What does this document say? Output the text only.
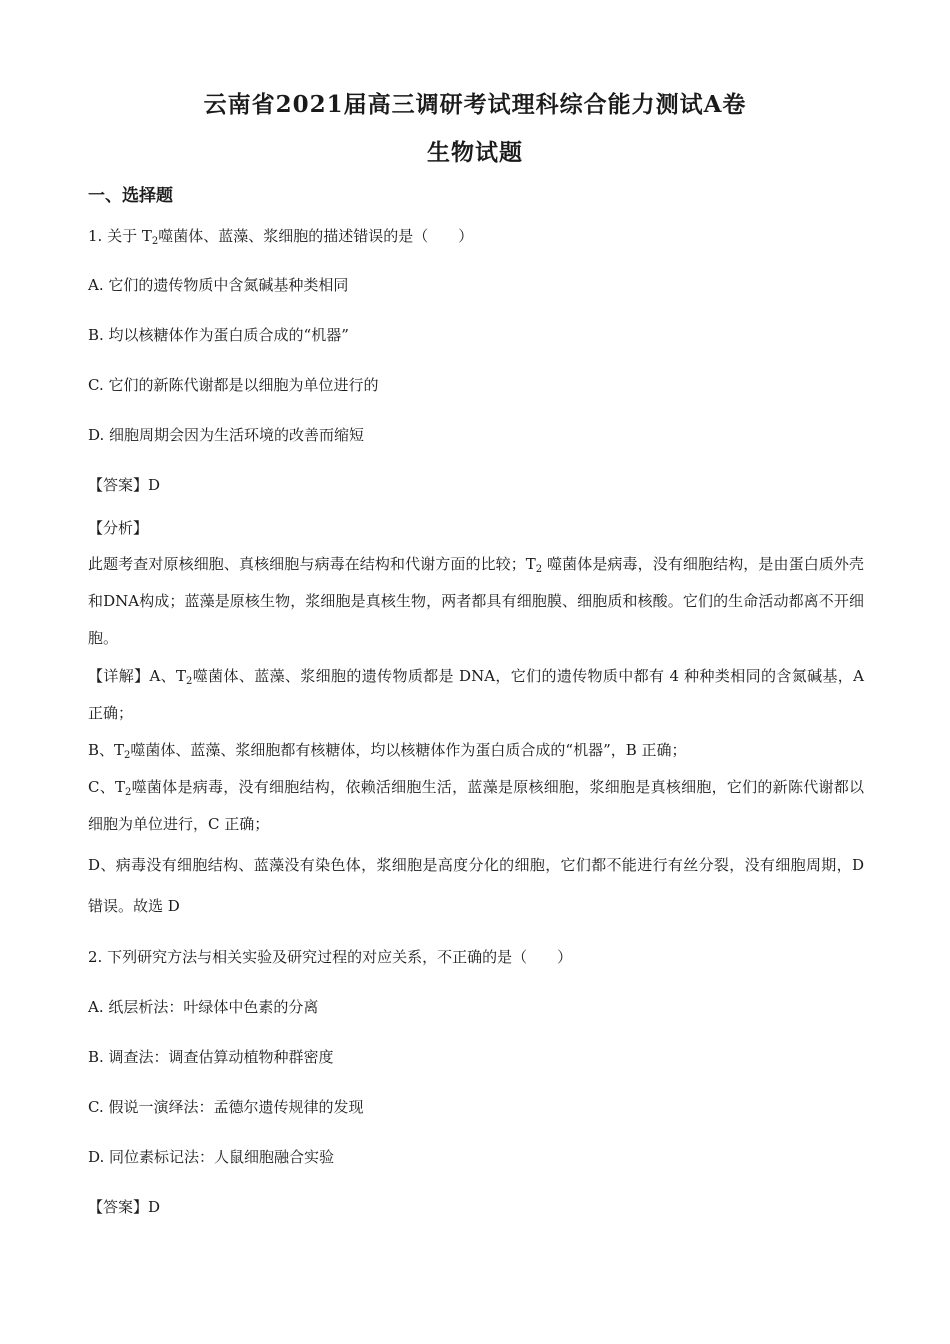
云南省2021届高三调研考试理科综合能力测试A卷
生物试题
一、选择题
1. 关于 $T_2$噬菌体、蓝藻、浆细胞的描述错误的是（　　）
A. 它们的遗传物质中含氮碱基种类相同
B. 均以核糖体作为蛋白质合成的“机器”
C. 它们的新陈代谢都是以细胞为单位进行的
D. 细胞周期会因为生活环境的改善而缩短
【答案】D
【分析】
此题考查对原核细胞、真核细胞与病毒在结构和代谢方面的比较；$T_2$ 噬菌体是病毒，没有细胞结构，是由蛋白质外壳和DNA构成；蓝藻是原核生物，浆细胞是真核生物，两者都具有细胞膜、细胞质和核酸。它们的生命活动都离不开细胞。
【详解】A、$T_2$噬菌体、蓝藻、浆细胞的遗传物质都是 DNA，它们的遗传物质中都有 4 种种类相同的含氮碱基，A 正确；
B、$T_2$噬菌体、蓝藻、浆细胞都有核糖体，均以核糖体作为蛋白质合成的“机器”，B 正确；
C、$T_2$噬菌体是病毒，没有细胞结构，依赖活细胞生活，蓝藻是原核细胞，浆细胞是真核细胞，它们的新陈代谢都以细胞为单位进行，C 正确；
D、病毒没有细胞结构、蓝藻没有染色体，浆细胞是高度分化的细胞，它们都不能进行有丝分裂，没有细胞周期，D 错误。故选 D
2. 下列研究方法与相关实验及研究过程的对应关系，不正确的是（　　）
A. 纸层析法：叶绿体中色素的分离
B. 调查法：调查估算动植物种群密度
C. 假说一演绎法：孟德尔遗传规律的发现
D. 同位素标记法：人鼠细胞融合实验
【答案】D
